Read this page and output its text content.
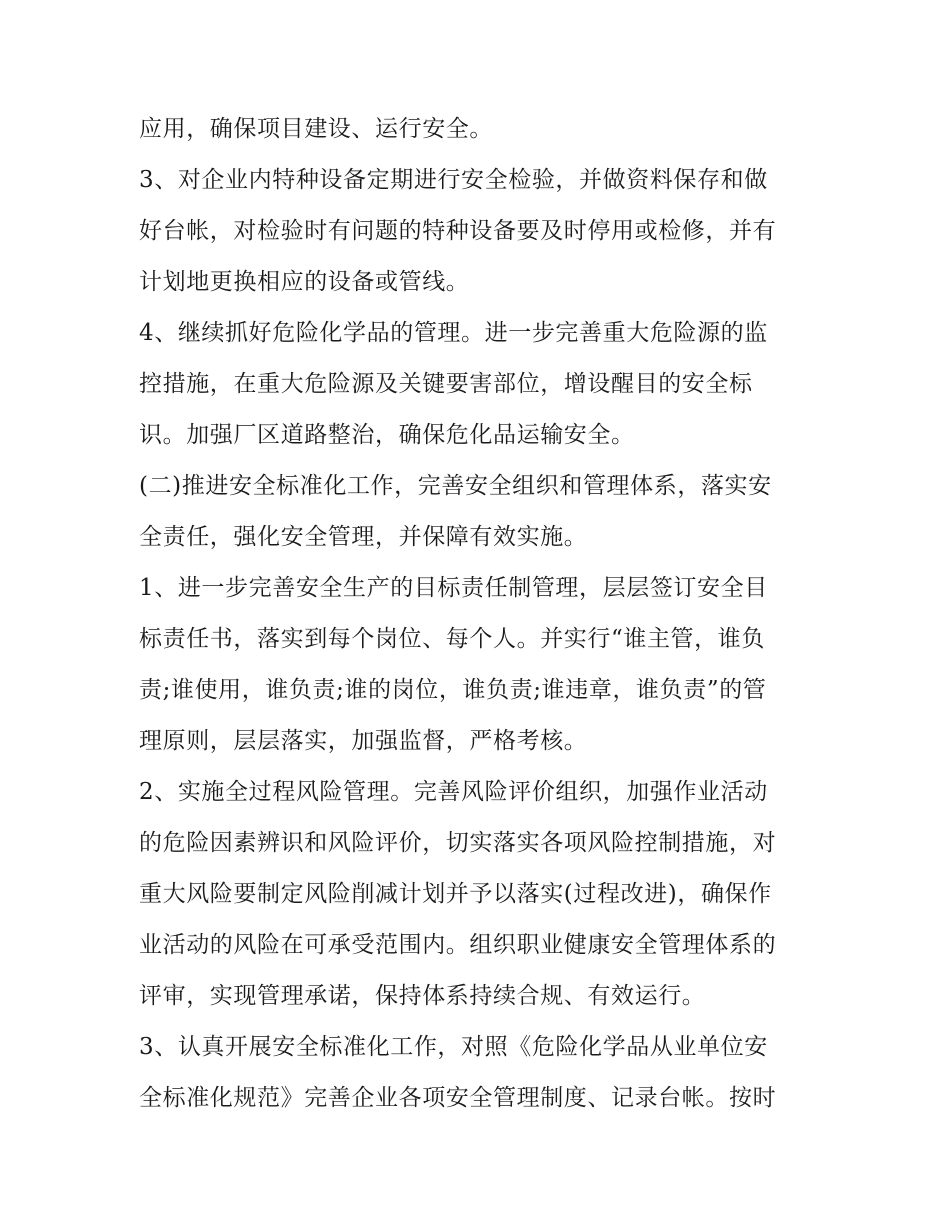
应用，确保项目建设、运行安全。
3、对企业内特种设备定期进行安全检验，并做资料保存和做
好台帐，对检验时有问题的特种设备要及时停用或检修，并有
计划地更换相应的设备或管线。
4、继续抓好危险化学品的管理。进一步完善重大危险源的监
控措施，在重大危险源及关键要害部位，增设醒目的安全标
识。加强厂区道路整治，确保危化品运输安全。
(二)推进安全标准化工作，完善安全组织和管理体系，落实安
全责任，强化安全管理，并保障有效实施。
1、进一步完善安全生产的目标责任制管理，层层签订安全目
标责任书，落实到每个岗位、每个人。并实行“谁主管，谁负
责;谁使用，谁负责;谁的岗位，谁负责;谁违章，谁负责”的管
理原则，层层落实，加强监督，严格考核。
2、实施全过程风险管理。完善风险评价组织，加强作业活动
的危险因素辨识和风险评价，切实落实各项风险控制措施，对
重大风险要制定风险削减计划并予以落实(过程改进)，确保作
业活动的风险在可承受范围内。组织职业健康安全管理体系的
评审，实现管理承诺，保持体系持续合规、有效运行。
3、认真开展安全标准化工作，对照《危险化学品从业单位安
全标准化规范》完善企业各项安全管理制度、记录台帐。按时
